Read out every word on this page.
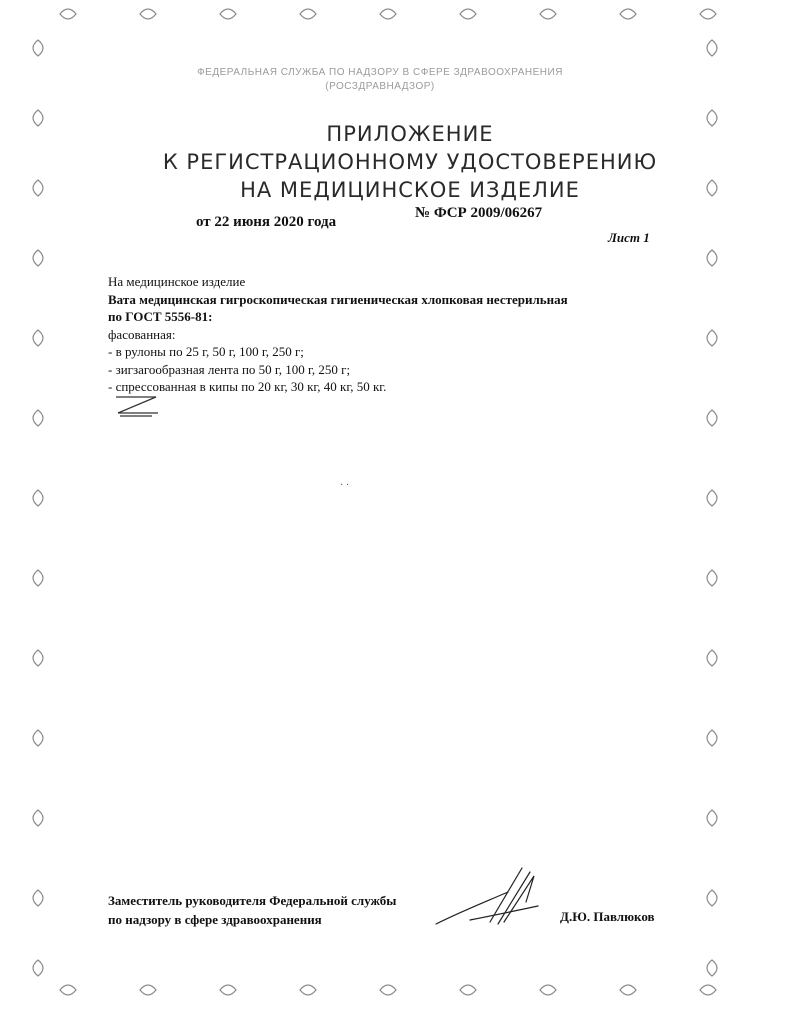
ФЕДЕРАЛЬНАЯ СЛУЖБА ПО НАДЗОРУ В СФЕРЕ ЗДРАВООХРАНЕНИЯ
(РОСЗДРАВНАДЗОР)
ПРИЛОЖЕНИЕ
К РЕГИСТРАЦИОННОМУ УДОСТОВЕРЕНИЮ
НА МЕДИЦИНСКОЕ ИЗДЕЛИЕ
№ ФСР 2009/06267
от 22 июня 2020 года
Лист 1
На медицинское изделие
Вата медицинская гигроскопическая гигиеническая хлопковая нестерильная
по ГОСТ 5556-81:
фасованная:
- в рулоны по 25 г, 50 г, 100 г, 250 г;
- зигзагообразная лента по 50 г, 100 г, 250 г;
- спрессованная в кипы по 20 кг, 30 кг, 40 кг, 50 кг.
· ·
Заместитель руководителя Федеральной службы
по надзору в сфере здравоохранения	Д.Ю. Павлюков
